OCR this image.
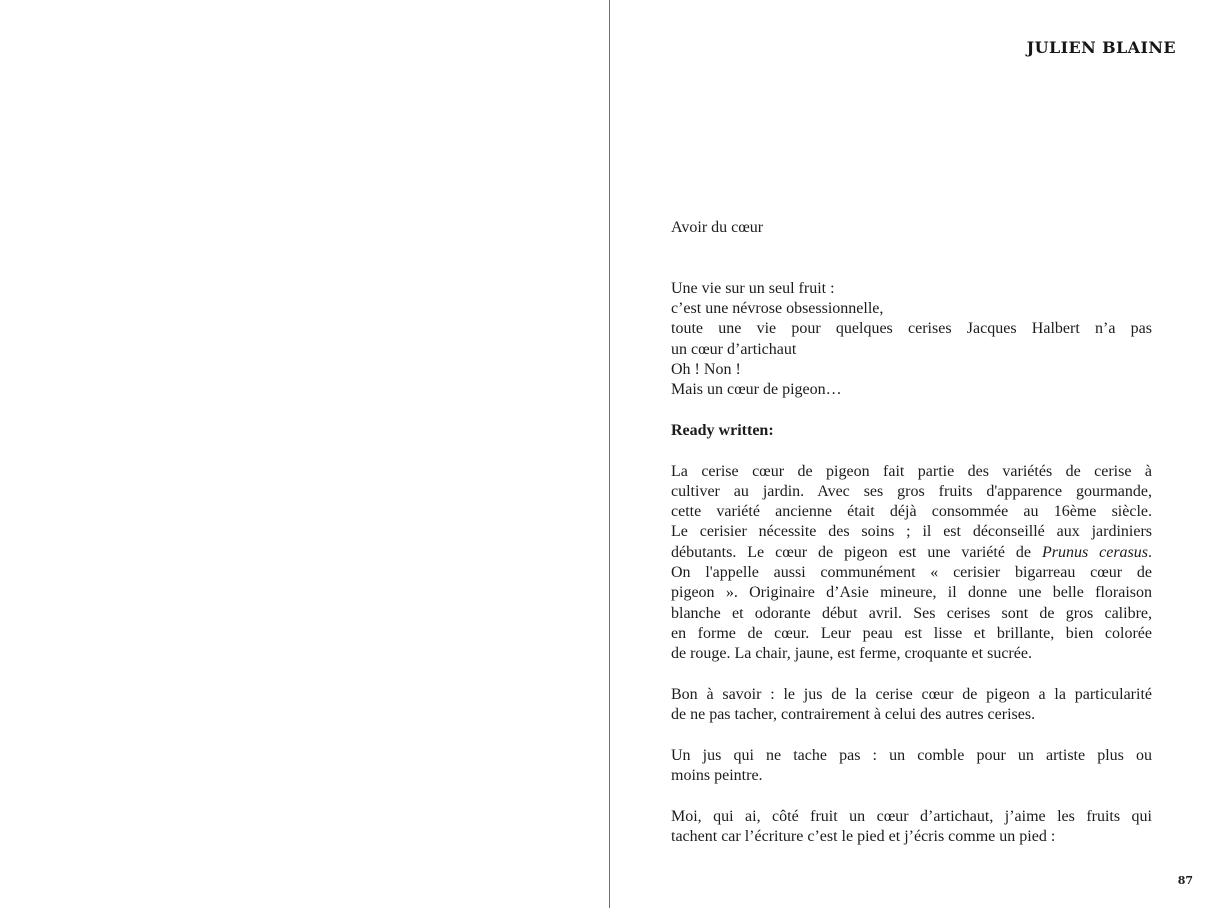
JULIEN BLAINE
Avoir du cœur
Une vie sur un seul fruit :
c’est une névrose obsessionnelle,
toute une vie pour quelques cerises Jacques Halbert n’a pas
un cœur d’artichaut
Oh ! Non !
Mais un cœur de pigeon…
Ready written:
La cerise cœur de pigeon fait partie des variétés de cerise à
cultiver au jardin. Avec ses gros fruits d'apparence gourmande,
cette variété ancienne était déjà consommée au 16ème siècle.
Le cerisier nécessite des soins ; il est déconseillé aux jardiniers
débutants. Le cœur de pigeon est une variété de Prunus cerasus.
On l'appelle aussi communément « cerisier bigarreau cœur de
pigeon ». Originaire d’Asie mineure, il donne une belle floraison
blanche et odorante début avril. Ses cerises sont de gros calibre,
en forme de cœur. Leur peau est lisse et brillante, bien colorée
de rouge. La chair, jaune, est ferme, croquante et sucrée.
Bon à savoir : le jus de la cerise cœur de pigeon a la particularité
de ne pas tacher, contrairement à celui des autres cerises.
Un jus qui ne tache pas : un comble pour un artiste plus ou
moins peintre.
Moi, qui ai, côté fruit un cœur d’artichaut, j’aime les fruits qui
tachent car l’écriture c’est le pied et j’écris comme un pied :
87
